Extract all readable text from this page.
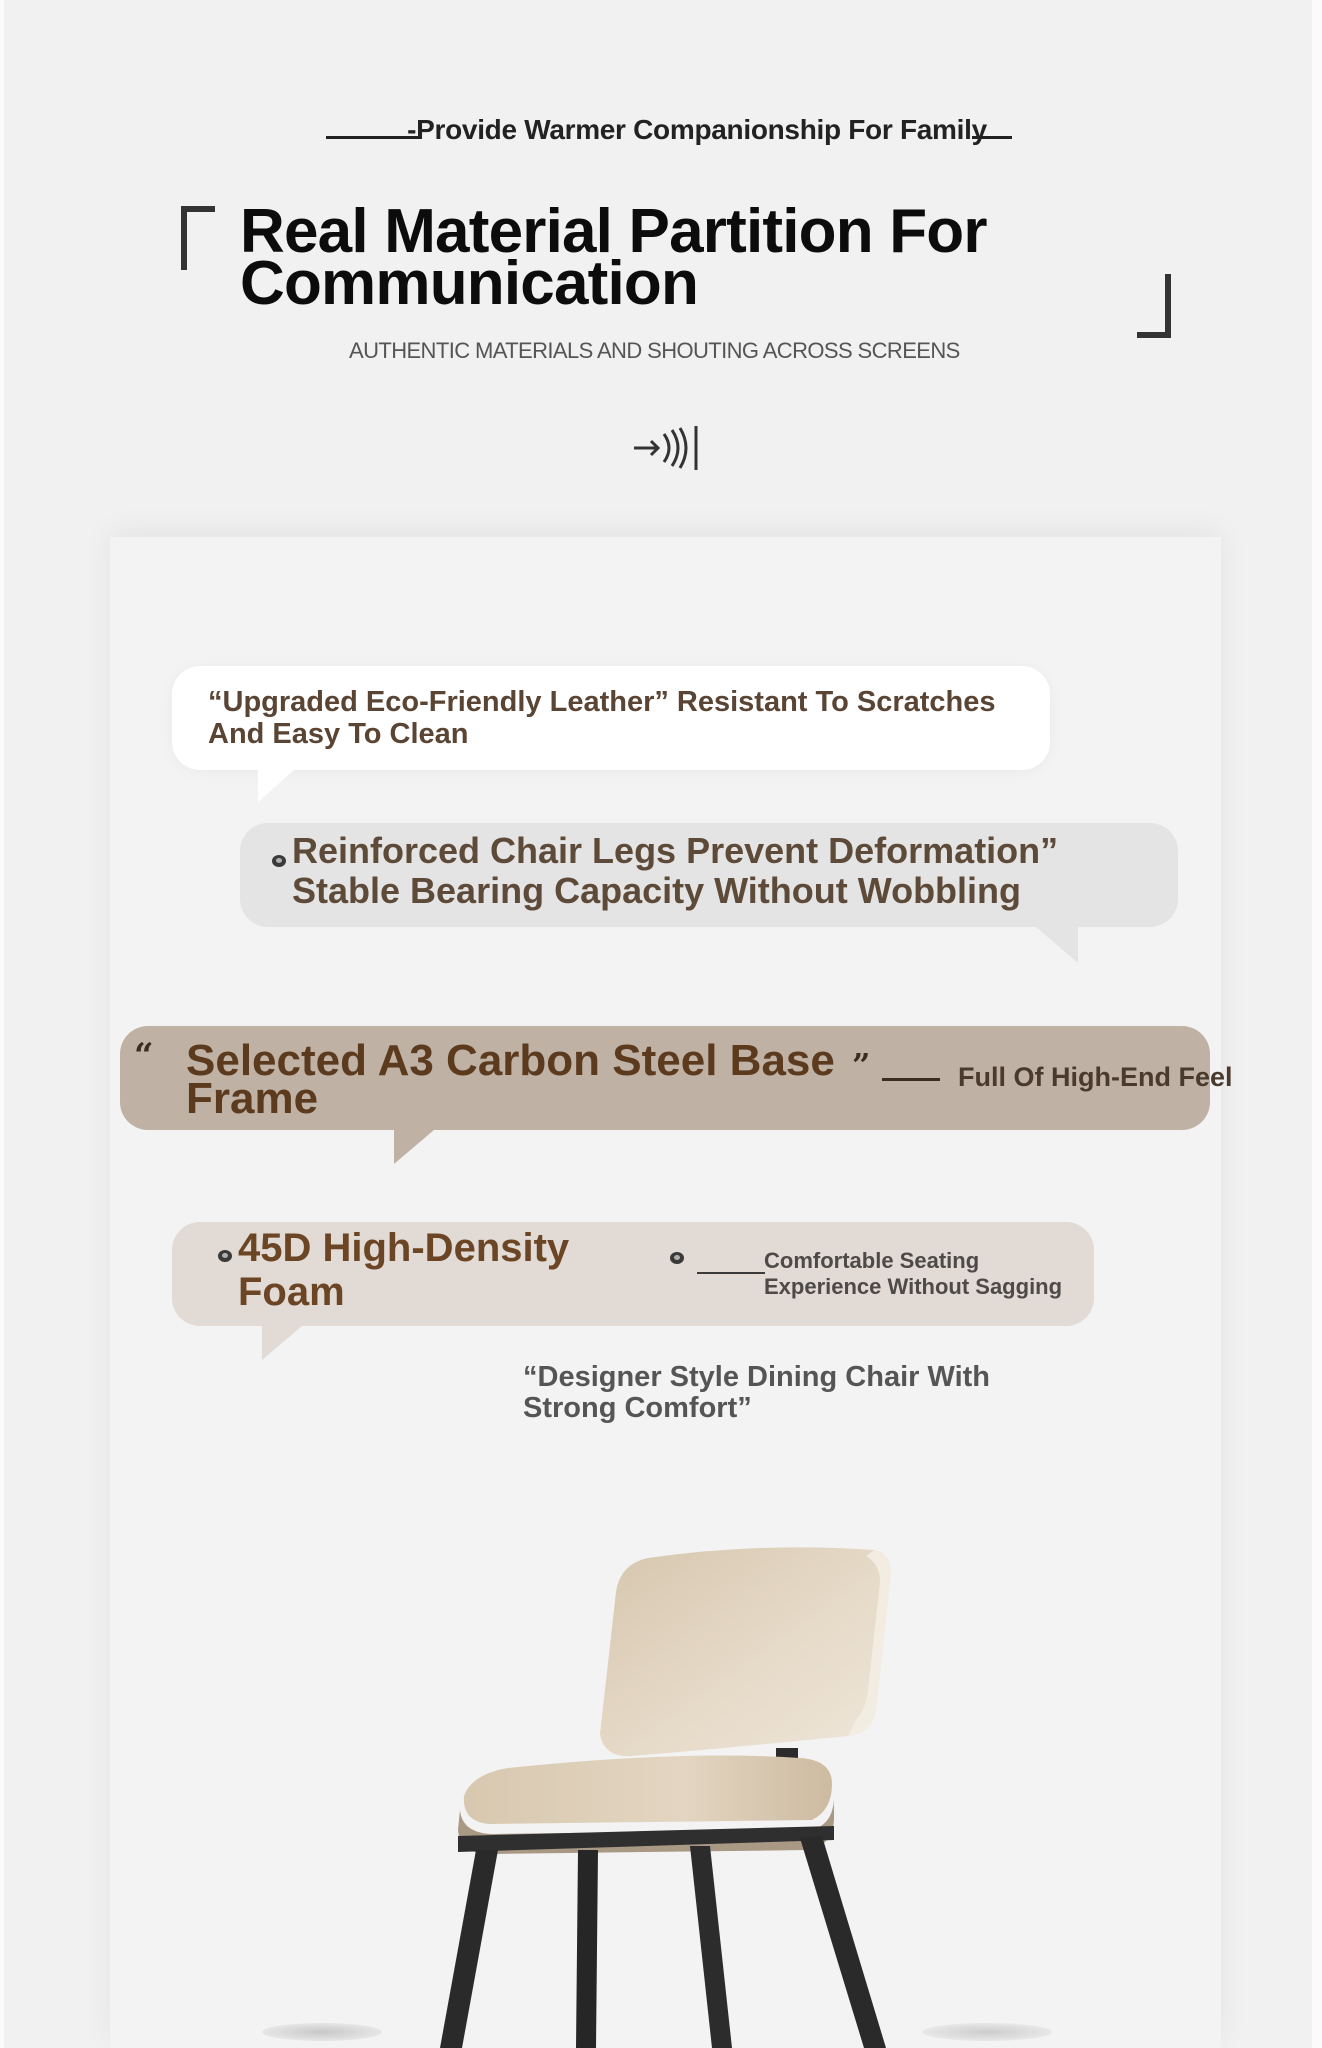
-Provide Warmer Companionship For Family
Real Material Partition For
Communication
AUTHENTIC MATERIALS AND SHOUTING ACROSS SCREENS
“Upgraded Eco-Friendly Leather” Resistant To Scratches And Easy To Clean
Reinforced Chair Legs Prevent Deformation” Stable Bearing Capacity Without Wobbling
“ Selected A3 Carbon Steel Base Frame
”	Full Of High-End Feel
45D High-Density Foam
Comfortable Seating Experience Without Sagging
“Designer Style Dining Chair With Strong Comfort”
